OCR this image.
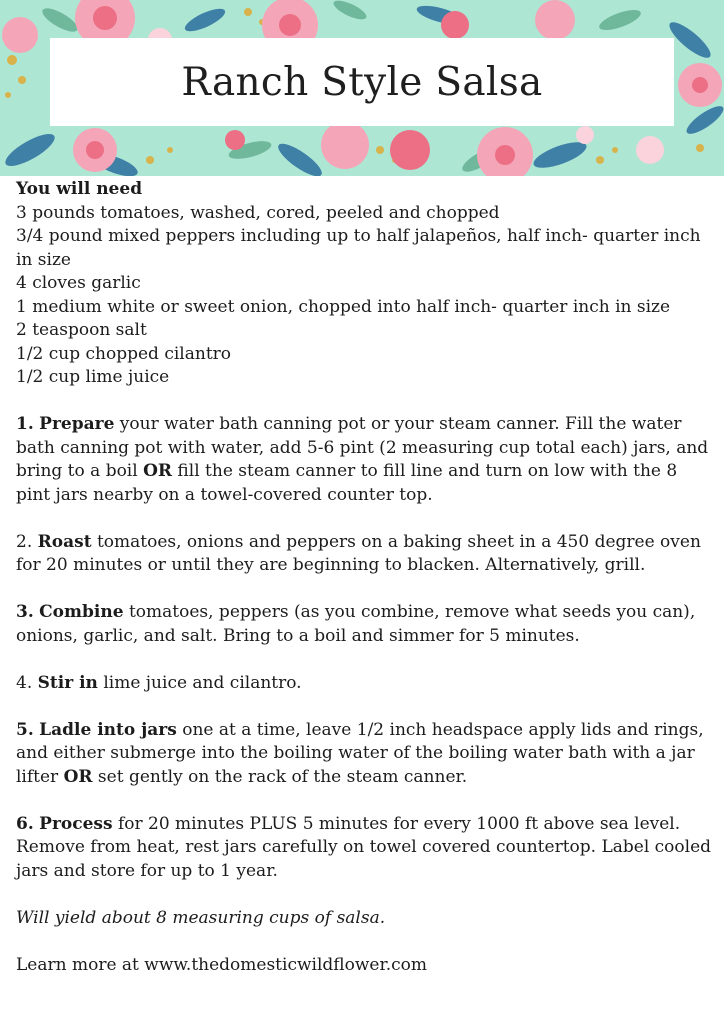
Ranch Style Salsa

You will need

3 pounds tomatoes, washed, cored, peeled and chopped

3/4 pound mixed peppers including up to half jalapeños, half inch- quarter inch in size

4 cloves garlic

1 medium white or sweet onion, chopped into half inch- quarter inch in size

2 teaspoon salt

1/2 cup chopped cilantro

1/2 cup lime juice

1. Prepare your water bath canning pot or your steam canner. Fill the water bath canning pot with water, add 5-6 pint (2 measuring cup total each) jars, and bring to a boil OR fill the steam canner to fill line and turn on low with the 8 pint jars nearby on a towel-covered counter top.

2. Roast tomatoes, onions and peppers on a baking sheet in a 450 degree oven for 20 minutes or until they are beginning to blacken. Alternatively, grill.

3. Combine tomatoes, peppers (as you combine, remove what seeds you can), onions, garlic, and salt. Bring to a boil and simmer for 5 minutes.

4. Stir in lime juice and cilantro.

5. Ladle into jars one at a time, leave 1/2 inch headspace apply lids and rings, and either submerge into the boiling water of the boiling water bath with a jar lifter OR set gently on the rack of the steam canner.

6. Process for 20 minutes PLUS 5 minutes for every 1000 ft above sea level. Remove from heat, rest jars carefully on towel covered countertop. Label cooled jars and store for up to 1 year.

Will yield about 8 measuring cups of salsa.

Learn more at www.thedomesticwildflower.com
